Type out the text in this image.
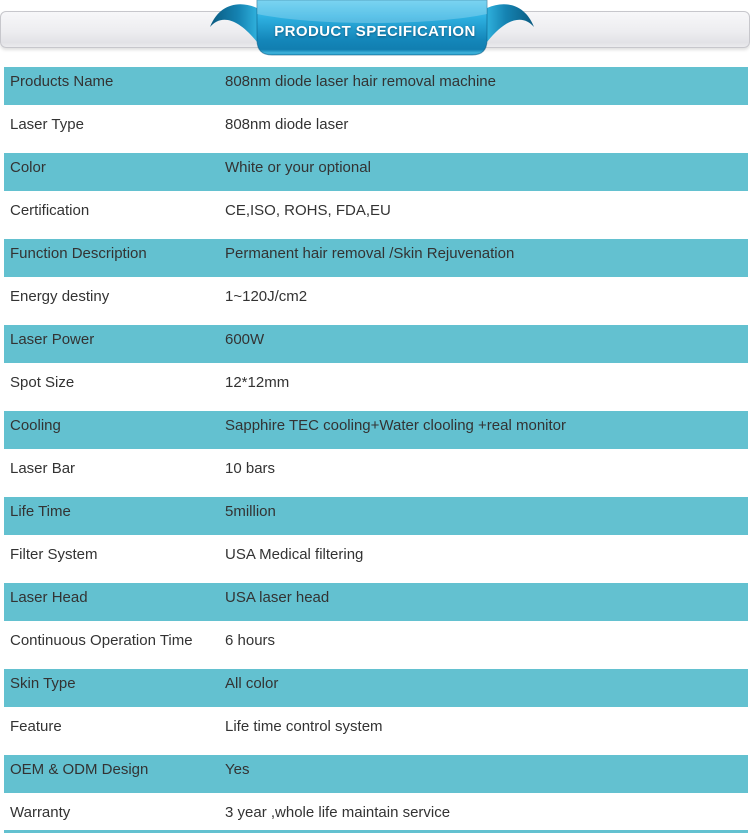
PRODUCT SPECIFICATION
Products Name	808nm diode laser hair removal machine
Laser Type	808nm diode laser
Color	White or your optional
Certification	CE,ISO, ROHS, FDA,EU
Function Description	Permanent hair removal /Skin Rejuvenation
Energy destiny	1~120J/cm2
Laser Power	600W
Spot Size	12*12mm
Cooling	Sapphire TEC cooling+Water clooling +real monitor
Laser Bar	10 bars
Life Time	5million
Filter System	USA Medical filtering
Laser Head	USA laser head
Continuous Operation Time	6 hours
Skin Type	All color
Feature	Life time control system
OEM & ODM Design	Yes
Warranty	3 year ,whole life maintain service
